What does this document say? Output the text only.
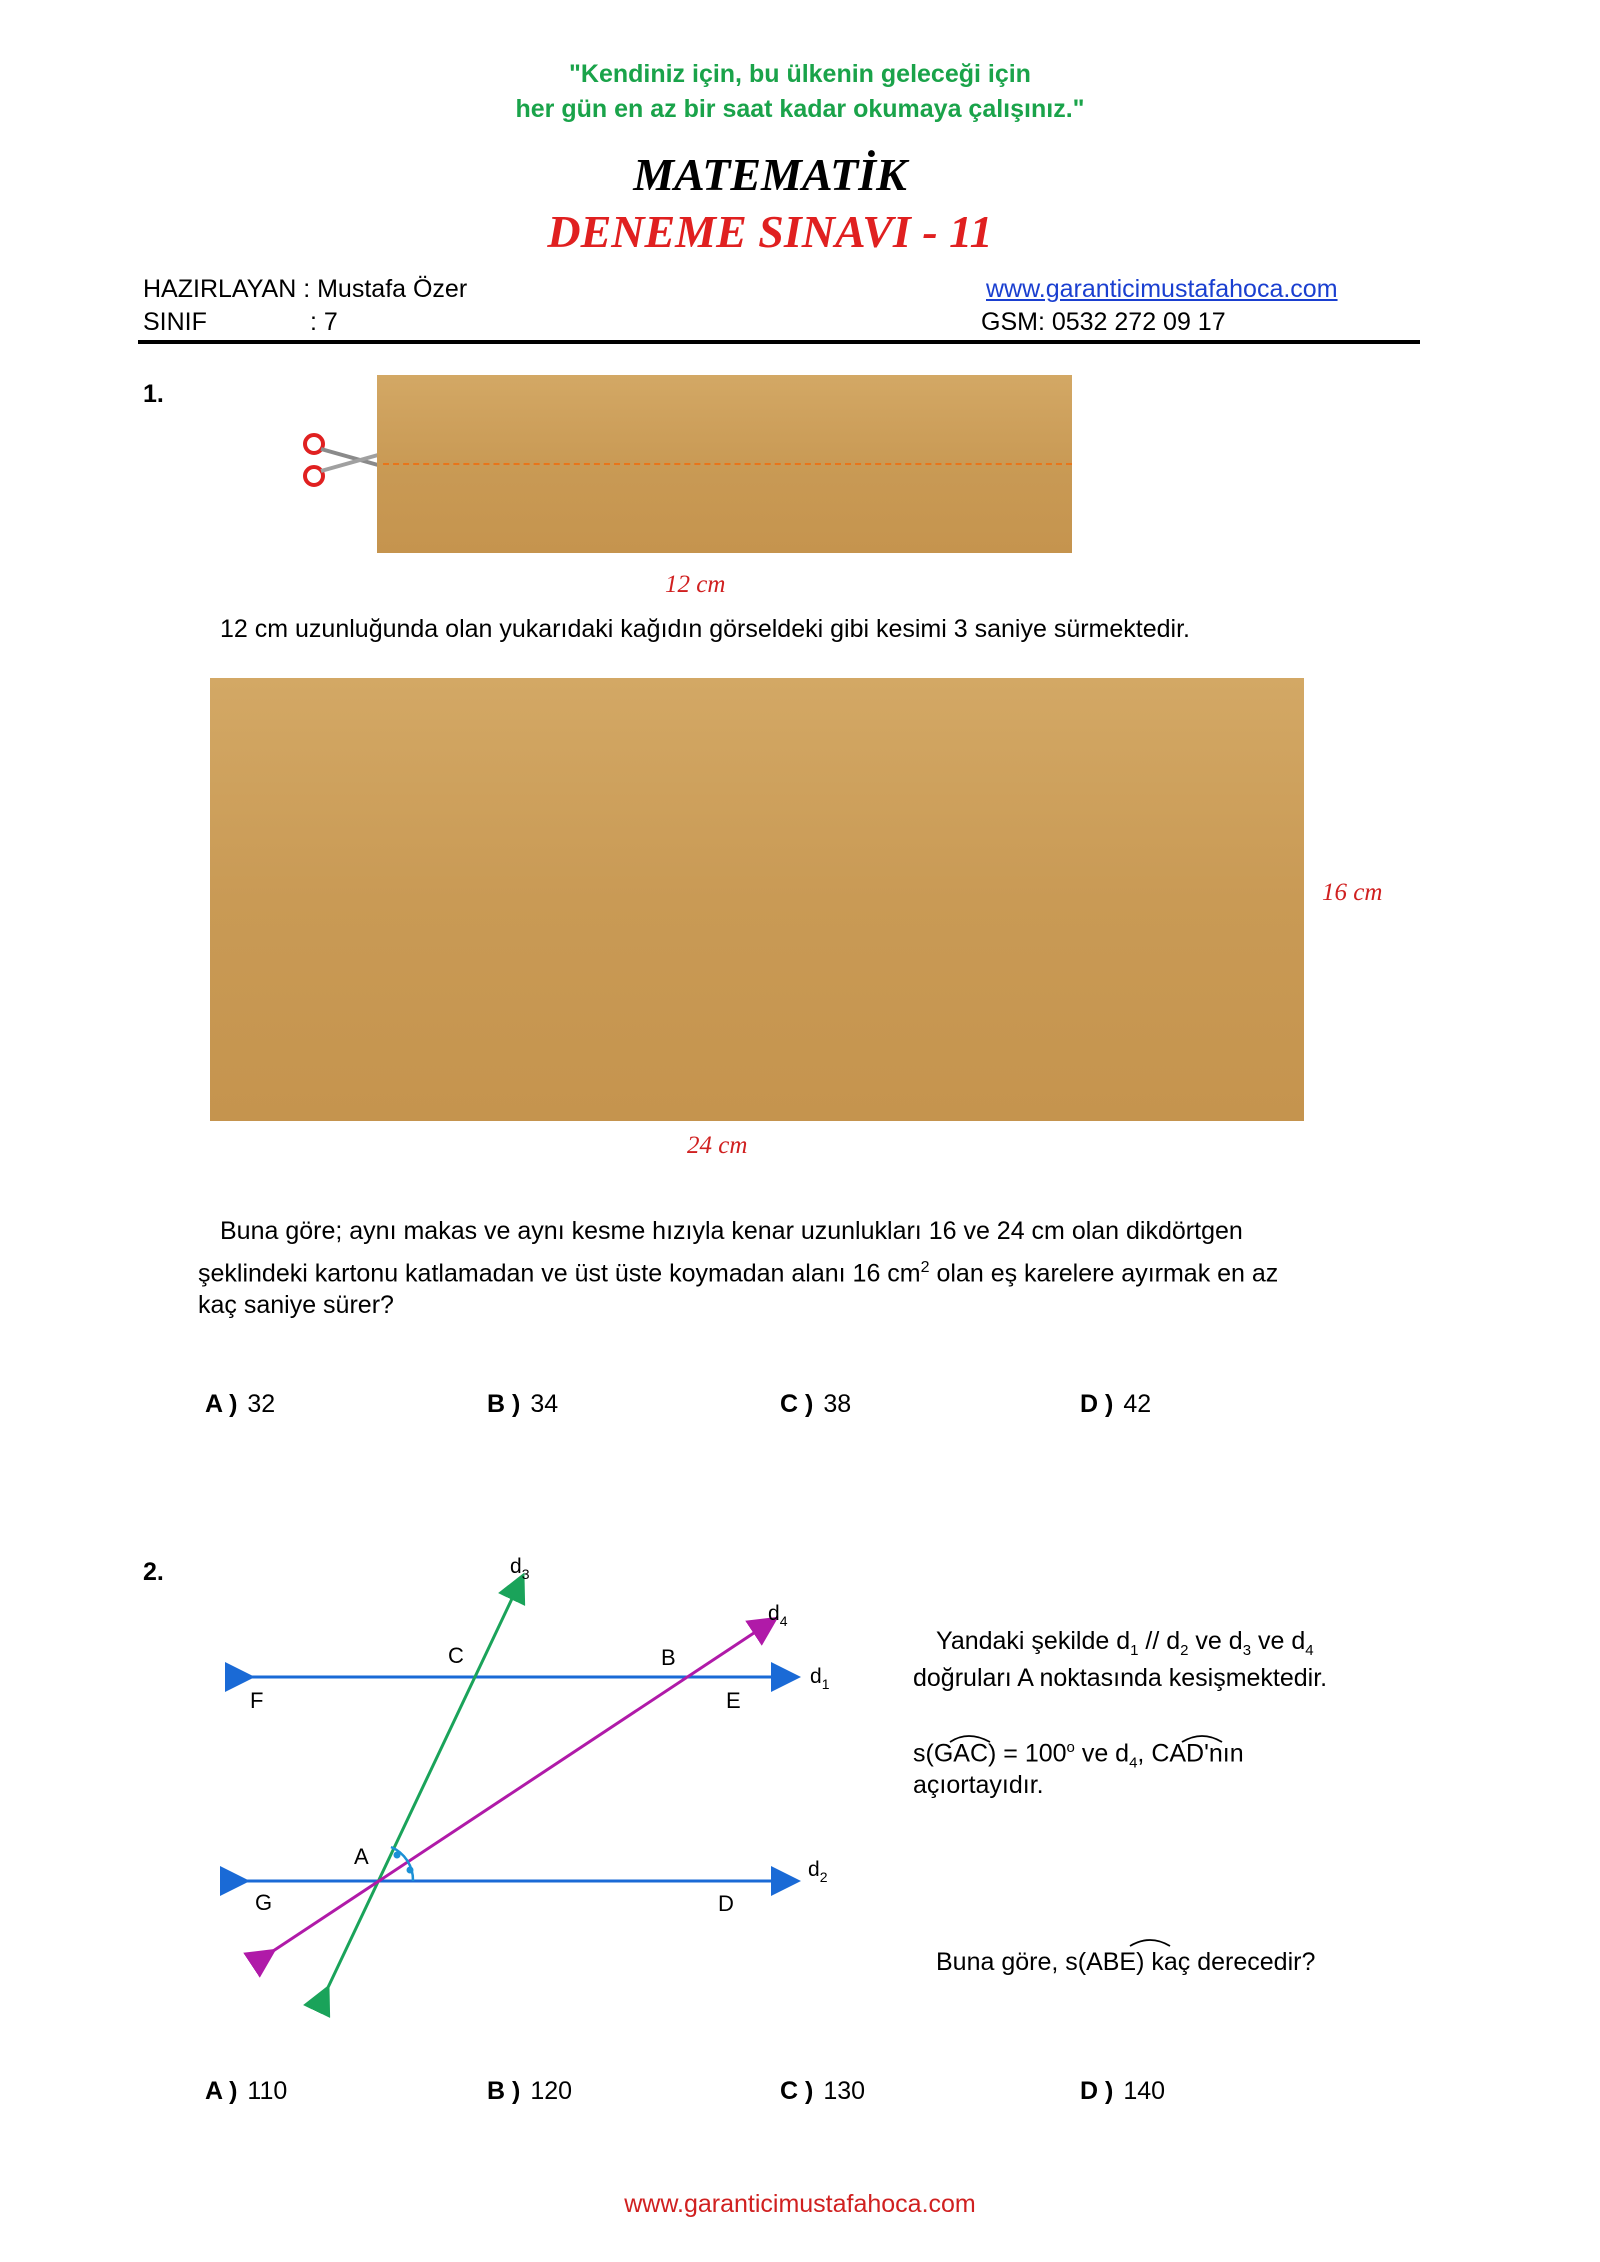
"Kendiniz için, bu ülkenin geleceği için
her gün en az bir saat kadar okumaya çalışınız."
MATEMATİK
DENEME SINAVI - 11
HAZIRLAYAN : Mustafa Özer
SINIF	: 7
www.garanticimustafahoca.com
GSM: 0532 272 09 17
1.
12 cm
12 cm uzunluğunda olan yukarıdaki kağıdın görseldeki gibi kesimi 3 saniye sürmektedir.
16 cm
24 cm
Buna göre; aynı makas ve aynı kesme hızıyla kenar uzunlukları 16 ve 24 cm olan dikdörtgen
şeklindeki kartonu katlamadan ve üst üste koymadan alanı 16 $cm^2$ olan eş karelere ayırmak en az
kaç saniye sürer?
A ) 32	B ) 34	C ) 38	D ) 42
2.	$d_3$
$d_4$
$d_1$
$d_2$
C	B
F	E
A
G	D
Yandaki şekilde $d_1 // d_2$ ve $d_3$ ve $d_4$
doğruları A noktasında kesişmektedir.
$s(GAC) = 100^o$ ve $d_4$, CAD'nın
açıortayıdır.
Buna göre, s(ABE) kaç derecedir?
A ) 110	B ) 120	C ) 130	D ) 140
www.garanticimustafahoca.com
